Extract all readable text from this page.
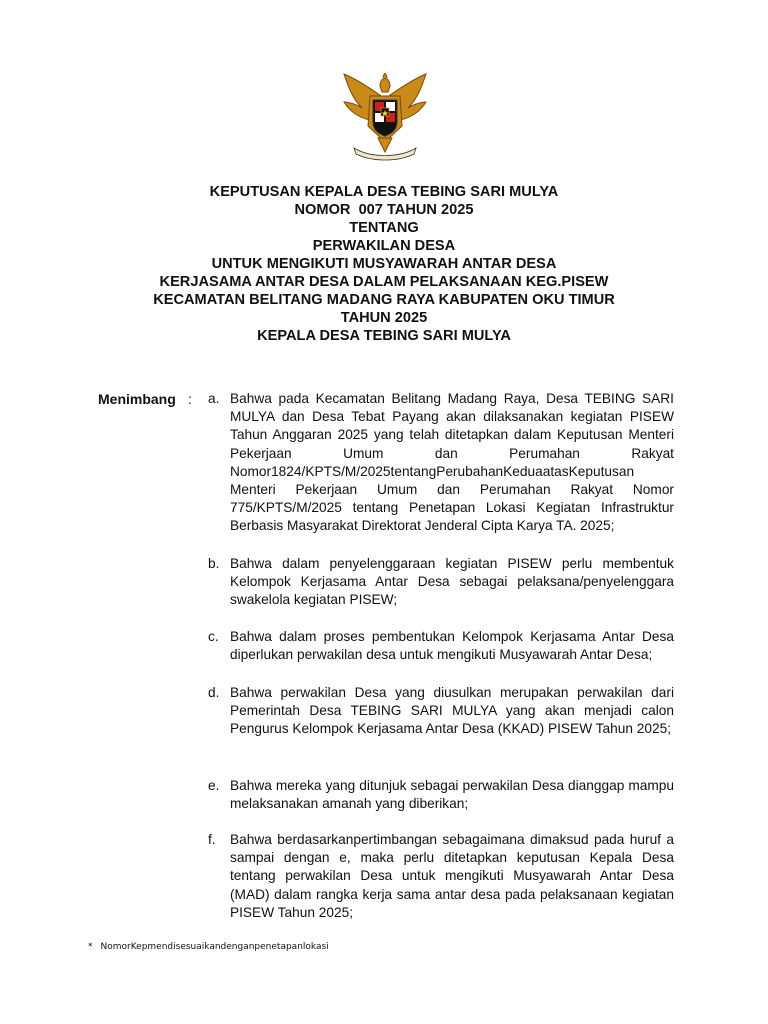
KEPUTUSAN KEPALA DESA TEBING SARI MULYA
NOMOR  007 TAHUN 2025
TENTANG
PERWAKILAN DESA
UNTUK MENGIKUTI MUSYAWARAH ANTAR DESA
KERJASAMA ANTAR DESA DALAM PELAKSANAAN KEG.PISEW
KECAMATAN BELITANG MADANG RAYA KABUPATEN OKU TIMUR
TAHUN 2025
KEPALA DESA TEBING SARI MULYA
Menimbang : a. Bahwa pada Kecamatan Belitang Madang Raya, Desa TEBING SARI MULYA dan Desa Tebat Payang akan dilaksanakan kegiatan PISEW Tahun Anggaran 2025 yang telah ditetapkan dalam Keputusan Menteri Pekerjaan Umum dan Perumahan Rakyat Nomor1824/KPTS/M/2025tentangPerubahanKeduaatasKeputusan Menteri Pekerjaan Umum dan Perumahan Rakyat Nomor 775/KPTS/M/2025 tentang Penetapan Lokasi Kegiatan Infrastruktur Berbasis Masyarakat Direktorat Jenderal Cipta Karya TA. 2025;
b. Bahwa dalam penyelenggaraan kegiatan PISEW perlu membentuk Kelompok Kerjasama Antar Desa sebagai pelaksana/penyelenggara swakelola kegiatan PISEW;
c. Bahwa dalam proses pembentukan Kelompok Kerjasama Antar Desa diperlukan perwakilan desa untuk mengikuti Musyawarah Antar Desa;
d. Bahwa perwakilan Desa yang diusulkan merupakan perwakilan dari Pemerintah Desa TEBING SARI MULYA yang akan menjadi calon Pengurus Kelompok Kerjasama Antar Desa (KKAD) PISEW Tahun 2025;
e. Bahwa mereka yang ditunjuk sebagai perwakilan Desa dianggap mampu melaksanakan amanah yang diberikan;
f. Bahwa berdasarkanpertimbangan sebagaimana dimaksud pada huruf a sampai dengan e, maka perlu ditetapkan keputusan Kepala Desa tentang perwakilan Desa untuk mengikuti Musyawarah Antar Desa (MAD) dalam rangka kerja sama antar desa pada pelaksanaan kegiatan PISEW Tahun 2025;
* NomorKepmendisesuaikandenganpenetapanlokasi
